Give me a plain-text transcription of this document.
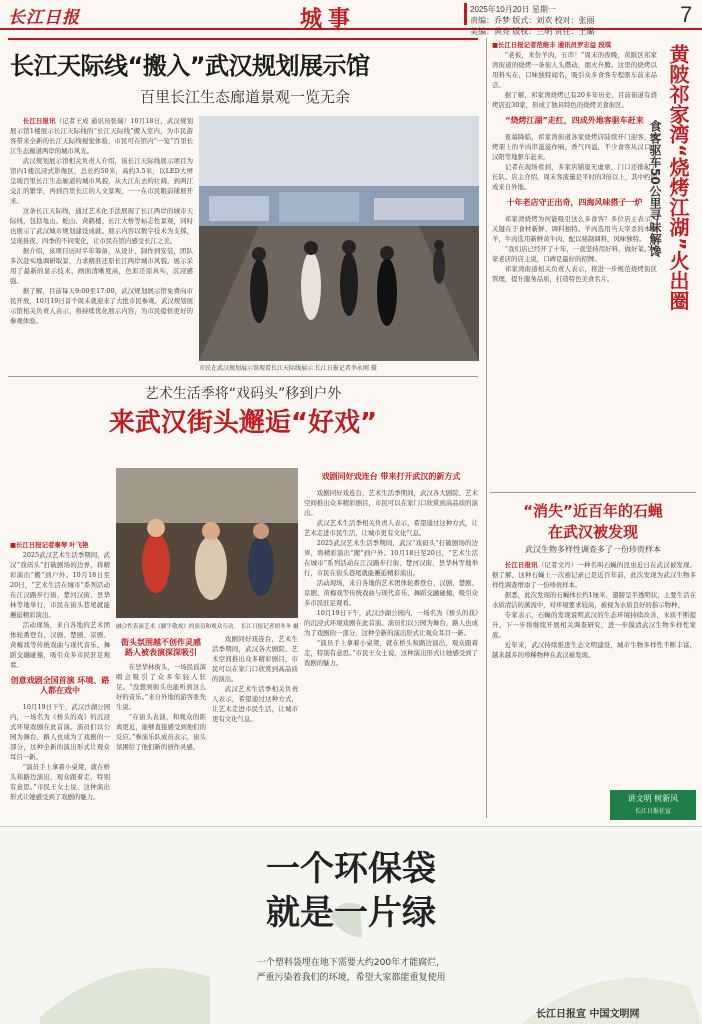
长江日报	城事	2025年10月20日 星期一
责编：乔梦 版式：刘欢 校对：张丽
美编：黄亮 版权：三明 责任：王璐
7
长江天际线“搬入”武汉规划展示馆
百里长江生态廊道景观一览无余

长江日报讯（记者王成 通讯员张瑞）10月18日，武汉规划展示馆1楼展示长江天际线的“长江天际线”搬入室内，为市民游客带来全新的长江天际线视觉体验，市民可在馆内“一览”百里长江生态廊道两岸的城市风光。

武汉规划展示馆相关负责人介绍，该长江天际线展示项目为馆内1楼沉浸式影像区，总长约50米，高约3.5米，以LED大屏呈现百里长江生态廊道的城市风貌，从大江东去的壮阔，到两江交汇的繁华，再到百里长江的人文景观，一一在市民眼前铺展开来。

这条长江天际线，通过艺术化手法展现了长江两岸的城市天际线，包括龟山、蛇山、黄鹤楼、长江大桥等标志性景观，同时也展示了武汉城市规划建设成就。展示内容以数字技术为支撑，呈现昼夜、四季的不同变化，让市民在馆内感受长江之美。

据介绍，该项目历时半年筹备，从设计、制作到安装，团队多次赴实地调研取景，力求精准还原长江两岸城市风貌。展示采用了最新的显示技术，画面清晰度高，色彩还原真实，沉浸感强。

据了解，目前每天9:00至17:00，武汉规划展示馆免费向市民开放，10月19日首个周末就迎来了大批市民参观。武汉规划展示馆相关负责人表示，将持续优化展示内容，为市民提供更好的参观体验。

市民在武汉规划展示馆观看长江天际线展示 长江日报记者李永刚 摄
艺术生活季将“戏码头”移到户外
来武汉街头邂逅“好戏”

■长江日报记者秦琴 叶飞艳

2025武汉艺术生活季期间，武汉“戏码头”打破剧场的边界，将精彩演出“搬”到户外。10月18日至20日，“艺术生活在城市”系列活动在江汉路步行街、楚河汉街、昙华林等地举行，市民在街头巷尾就能邂逅精彩演出。

活动现场，来自各地的艺术团体轮番登台，汉剧、楚剧、京剧、黄梅戏等传统戏曲与现代音乐、舞蹈交融碰撞，吸引众多市民驻足观看。

创意戏剧全国首演 环境、路人都在戏中

10月19日下午，武汉沙湖公园内，一场名为《桥头的戏》的沉浸式环境戏剧在此首演。演员们以公园为舞台，路人也成为了戏剧的一部分，这种全新的演出形式让观众耳目一新。

“演员手上拿着小桌凳，就在桥头和路边演出，观众跟着走，特别有意思。”市民王女士说，这种演出形式让她感受到了戏剧的魅力。

融合性表演艺术《躺牛敬戏》的演员和观众互动。 长江日报记者胡冬冬 摄
街头氛围越不创作灵感 路人被表演深深吸引

在昙华林街头，一场民谣演唱会吸引了众多年轻人驻足。“没想到街头也能听到这么好的音乐。”来自外地的游客张先生说。

“在街头表演，和观众的距离更近，能够直接感受到他们的反应。”参演乐队成员表示，街头氛围给了他们新的创作灵感。

戏剧同好戏连台，艺术生活季期间，武汉各大剧院、艺术空间推出众多精彩剧目，市民可以在家门口欣赏到高品质的演出。

武汉艺术生活季相关负责人表示，希望通过这种方式，让艺术走进市民生活，让城市更有文化气息。

戏剧同好戏连台 带来打开武汉的新方式

戏剧同好戏连台，艺术生活季期间，武汉各大剧院、艺术空间推出众多精彩剧目，市民可以在家门口欣赏到高品质的演出。

武汉艺术生活季相关负责人表示，希望通过这种方式，让艺术走进市民生活，让城市更有文化气息。

2025武汉艺术生活季期间，武汉“戏码头”打破剧场的边界，将精彩演出“搬”到户外。10月18日至20日，“艺术生活在城市”系列活动在江汉路步行街、楚河汉街、昙华林等地举行，市民在街头巷尾就能邂逅精彩演出。

活动现场，来自各地的艺术团体轮番登台，汉剧、楚剧、京剧、黄梅戏等传统戏曲与现代音乐、舞蹈交融碰撞，吸引众多市民驻足观看。

10月19日下午，武汉沙湖公园内，一场名为《桥头的戏》的沉浸式环境戏剧在此首演。演员们以公园为舞台，路人也成为了戏剧的一部分，这种全新的演出形式让观众耳目一新。

“演员手上拿着小桌凳，就在桥头和路边演出，观众跟着走，特别有意思。”市民王女士说，这种演出形式让她感受到了戏剧的魅力。

■长江日报记者范维丰 通讯员罗志益 段琪

“老板，来份羊肉，五串！”周末的夜晚，黄陂区祁家湾街道的烧烤一条街人头攒动，烟火升腾。这里的烧烤以用料实在、口味独特闻名，吸引众多食客专程驱车前来品尝。

据了解，祁家湾烧烤已有20多年历史，目前街道有烧烤店近30家，形成了独具特色的烧烤美食街区。

“烧烤江湖”走红，四成外地客驱车赶来

夜幕降临，祁家湾街道各家烧烤店陆续开门迎客，烧烤架上的羊肉串滋滋作响，香气四溢，不少食客从汉口、汉阳等地驱车赶来。

记者在现场看到，多家店铺座无虚席，门口还排起了长队。店主介绍，周末客流量是平时的3倍以上，其中约四成来自外地。

十年老店守正出奇，四海风味搭子一炉

祁家湾烧烤为何能吸引这么多食客？多位店主表示，关键在于食材新鲜、调料独特。羊肉选用当天宰杀的本地羊，牛肉选用新鲜黄牛肉，配以秘制调料，风味独特。

“我们店已经开了十年，一直坚持用好料、做好菜。”一家老店的店主说，口碑是最好的招牌。

祁家湾街道相关负责人表示，将进一步规范烧烤街区管理，提升服务品质，打造特色美食名片。	黄陂祁家湾“烧烤江湖”火出圈
食客驱车50公里寻味解馋
“消失”近百年的石蝇
在武汉被发现
武汉生物多样性调查多了一份珍贵样本

长江日报讯（记者文丹）一种名叫石蝇的昆虫近日在武汉被发现。据了解，这种石蝇上一次被记录已是近百年前，此次发现为武汉生物多样性调查增添了一份珍贵样本。

据悉，此次发现的石蝇体长约1厘米，翅膀呈半透明状，主要生活在水质清洁的溪流中，对环境要求较高，被视为水质良好的指示物种。

专家表示，石蝇的发现说明武汉的生态环境持续改善，水质不断提升。下一步将继续开展相关调查研究，进一步摸清武汉生物多样性家底。

近年来，武汉持续推进生态文明建设，城市生物多样性不断丰富，越来越多的珍稀物种在武汉被发现。

讲文明 树新风
长江日报社宣
一个环保袋
就是一片绿
一个塑料袋埋在地下需要大约200年才能腐烂，
严重污染着我们的环境，希望大家都能重复使用
长江日报宣 中国文明网
